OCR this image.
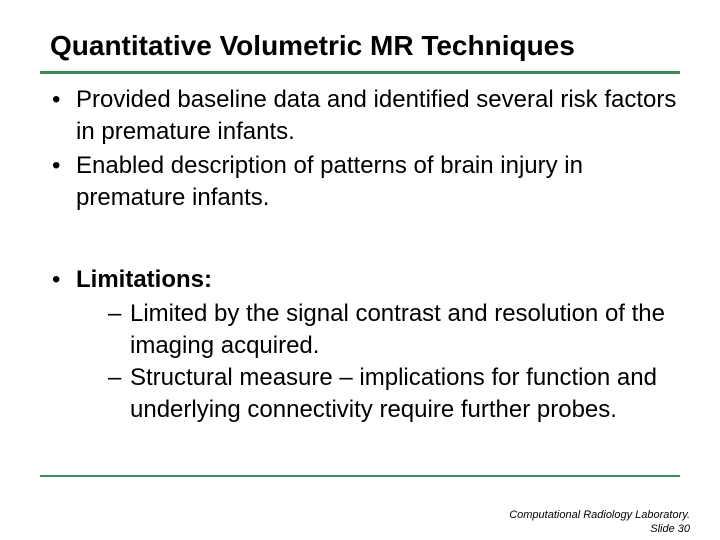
Quantitative Volumetric MR Techniques
• Provided baseline data and identified several risk factors in premature infants.
• Enabled description of patterns of brain injury in premature infants.
• Limitations:
– Limited by the signal contrast and resolution of the imaging acquired.
– Structural measure – implications for function and underlying connectivity require further probes.
Computational Radiology Laboratory.
Slide 30
